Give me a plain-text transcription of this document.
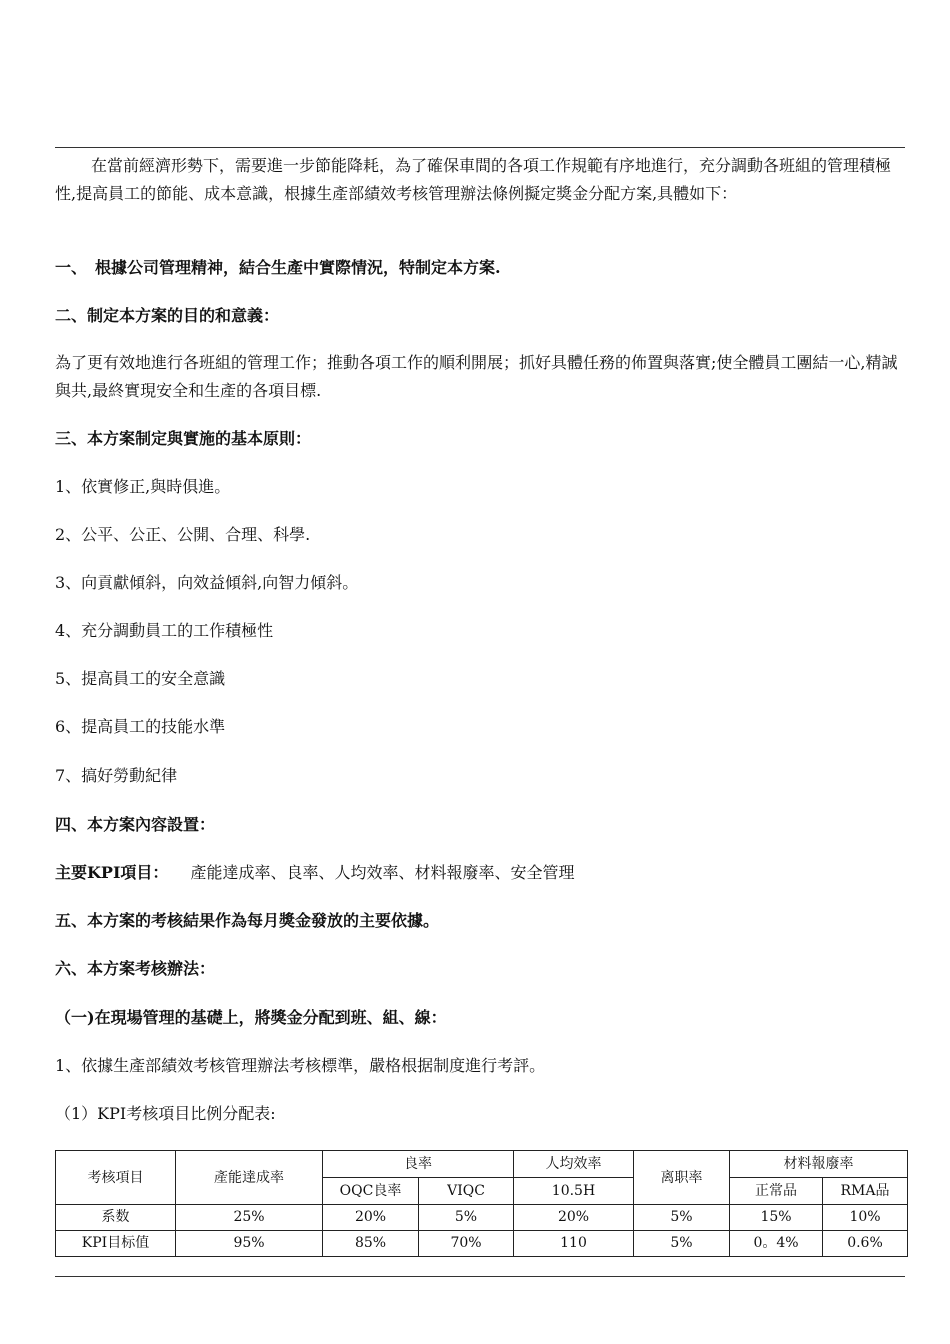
在當前經濟形勢下，需要進一步節能降耗，為了確保車間的各項工作規範有序地進行，充分調動各班組的管理積極性,提高員工的節能、成本意識，根據生產部績效考核管理辦法條例擬定獎金分配方案,具體如下：

一、　根據公司管理精神，結合生產中實際情況，特制定本方案.

二、制定本方案的目的和意義：

為了更有效地進行各班組的管理工作；推動各項工作的順利開展；抓好具體任務的佈置與落實;使全體員工團結一心,精誠與共,最終實現安全和生產的各項目標.

三、本方案制定與實施的基本原則：

1、依實修正,與時俱進。

2、公平、公正、公開、合理、科學.

3、向貢獻傾斜，向效益傾斜,向智力傾斜。

4、充分調動員工的工作積極性

5、提高員工的安全意識

6、提高員工的技能水準

7、搞好勞動紀律

四、本方案內容設置：

主要KPI項目： 產能達成率、良率、人均效率、材料報廢率、安全管理

五、本方案的考核結果作為每月獎金發放的主要依據。

六、本方案考核辦法：

（一)在現場管理的基礎上，將獎金分配到班、組、線：

1、依據生產部績效考核管理辦法考核標準，嚴格根据制度進行考評。

（1）KPI考核項目比例分配表:

考核項目	產能達成率	良率		人均效率	离职率	材料報廢率	
		OQC良率	VIQC	10.5H		正常品	RMA品
系数	25%	20%	5%	20%	5%	15%	10%
KPI目标值	95%	85%	70%	110	5%	0。4%	0.6%
